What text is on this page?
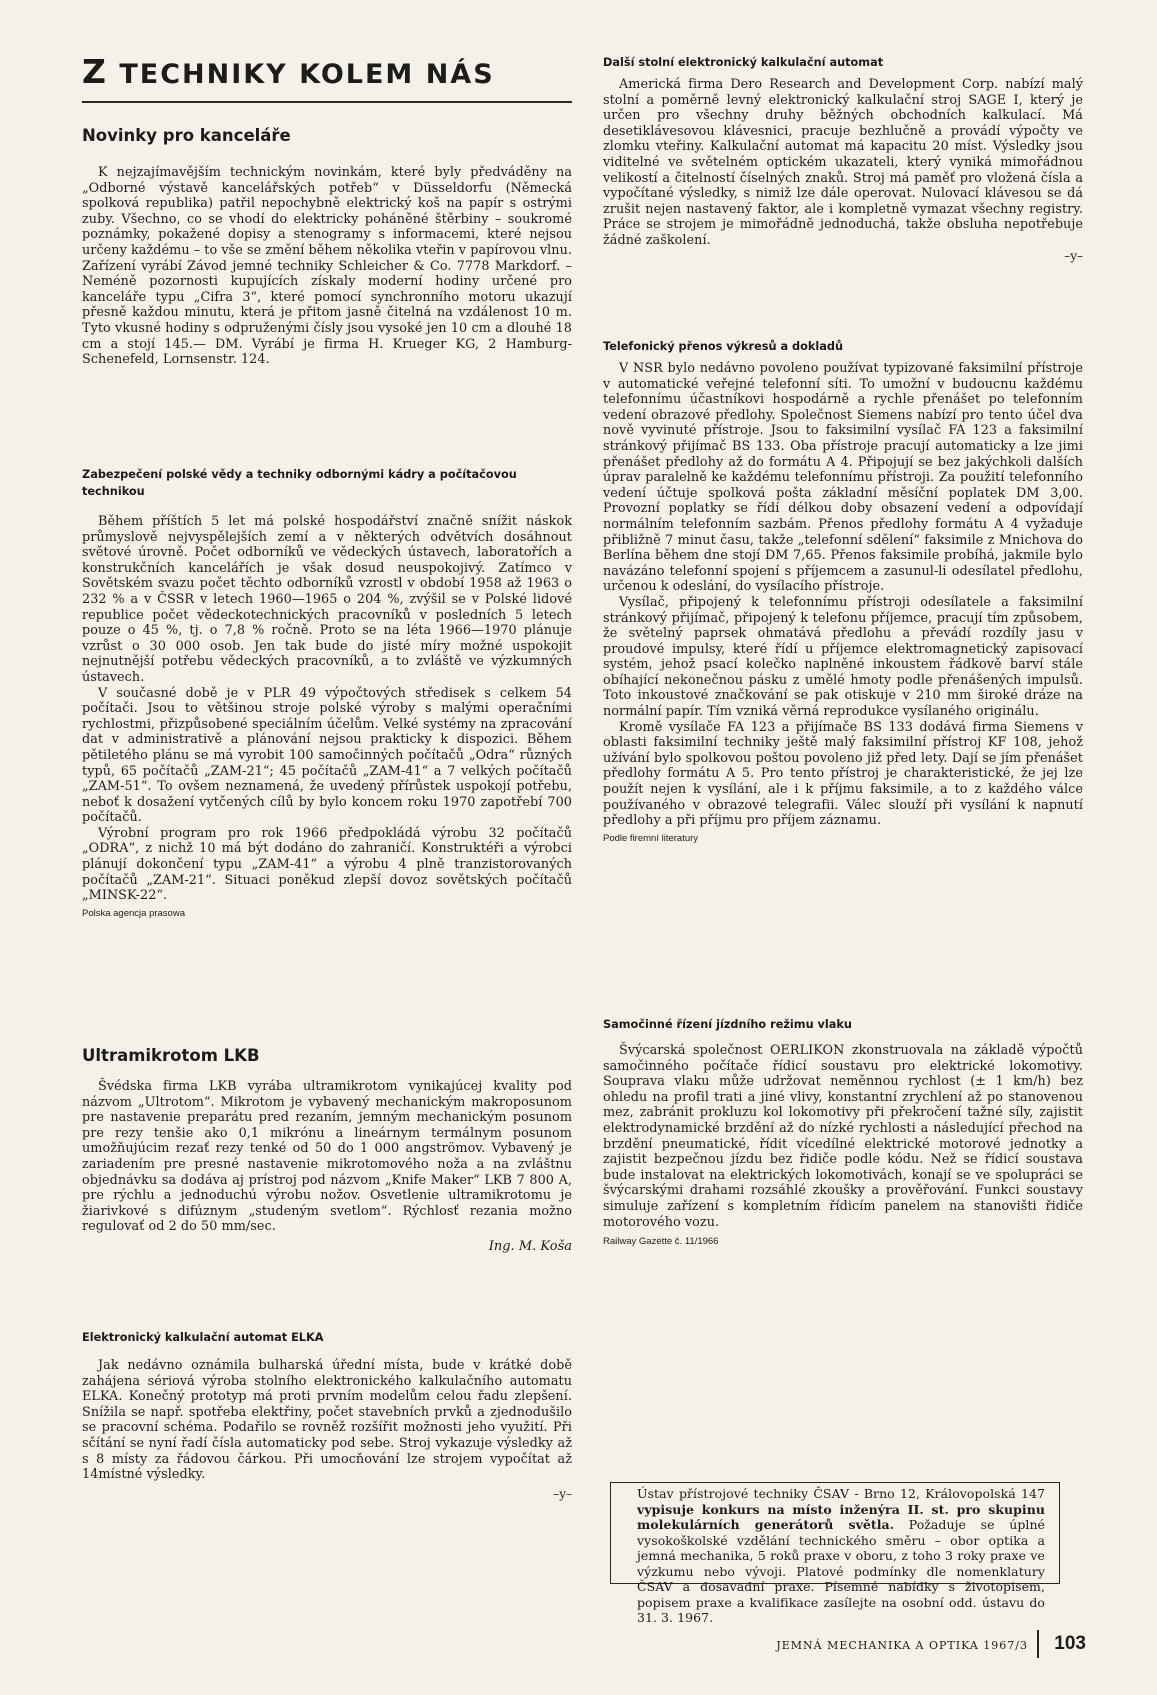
Z TECHNIKY KOLEM NÁS
Novinky pro kanceláře

K nejzajímavějším technickým novinkám, které byly předváděny na „Odborné výstavě kancelářských potřeb“ v Düsseldorfu (Německá spolková republika) patřil nepochybně elektrický koš na papír s ostrými zuby. Všechno, co se vhodí do elektricky poháněné štěrbiny – soukromé poznámky, pokažené dopisy a stenogramy s informacemi, které nejsou určeny každému – to vše se změní během několika vteřin v papírovou vlnu. Zařízení vyrábí Závod jemné techniky Schleicher & Co. 7778 Markdorf. – Neméně pozornosti kupujících získaly moderní hodiny určené pro kanceláře typu „Cifra 3“, které pomocí synchronního motoru ukazují přesně každou minutu, která je přitom jasně čitelná na vzdálenost 10 m. Tyto vkusné hodiny s odpruženými čísly jsou vysoké jen 10 cm a dlouhé 18 cm a stojí 145.— DM. Vyrábí je firma H. Krueger KG, 2 Hamburg-Schenefeld, Lornsenstr. 124.

Zabezpečení polské vědy a techniky odbornými kádry a počítačovou technikou

Během příštích 5 let má polské hospodářství značně snížit náskok průmyslově nejvyspělejších zemí a v některých odvětvích dosáhnout světové úrovně. Počet odborníků ve vědeckých ústavech, laboratořích a konstrukčních kancelářích je však dosud neuspokojivý. Zatímco v Sovětském svazu počet těchto odborníků vzrostl v období 1958 až 1963 o 232 % a v ČSSR v letech 1960—1965 o 204 %, zvýšil se v Polské lidové republice počet vědeckotechnických pracovníků v posledních 5 letech pouze o 45 %, tj. o 7,8 % ročně. Proto se na léta 1966—1970 plánuje vzrůst o 30 000 osob. Jen tak bude do jisté míry možné uspokojit nejnutnější potřebu vědeckých pracovníků, a to zvláště ve výzkumných ústavech.

V současné době je v PLR 49 výpočtových středisek s celkem 54 počítači. Jsou to většinou stroje polské výroby s malými operačními rychlostmi, přizpůsobené speciálním účelům. Velké systémy na zpracování dat v administrativě a plánování nejsou prakticky k dispozici. Během pětiletého plánu se má vyrobit 100 samočinných počítačů „Odra“ různých typů, 65 počítačů „ZAM-21“; 45 počítačů „ZAM-41“ a 7 velkých počítačů „ZAM-51“. To ovšem neznamená, že uvedený přírůstek uspokojí potřebu, neboť k dosažení vytčených cílů by bylo koncem roku 1970 zapotřebí 700 počítačů.

Výrobní program pro rok 1966 předpokládá výrobu 32 počítačů „ODRA“, z nichž 10 má být dodáno do zahraničí. Konstruktéři a výrobci plánují dokončení typu „ZAM-41“ a výrobu 4 plně tranzistorovaných počítačů „ZAM-21“. Situaci poněkud zlepší dovoz sovětských počítačů „MINSK-22“.

Polska agencja prasowa
Ultramikrotom LKB

Švédska firma LKB vyrába ultramikrotom vynikajúcej kvality pod názvom „Ultrotom“. Mikrotom je vybavený mechanickým makroposunom pre nastavenie preparátu pred rezaním, jemným mechanickým posunom pre rezy tenšie ako 0,1 mikrónu a lineárnym termálnym posunom umožňujúcim rezať rezy tenké od 50 do 1 000 angströmov. Vybavený je zariadením pre presné nastavenie mikrotomového noža a na zvláštnu objednávku sa dodáva aj prístroj pod názvom „Knife Maker“ LKB 7 800 A, pre rýchlu a jednoduchú výrobu nožov. Osvetlenie ultramikrotomu je žiarivkové s difúznym „studeným svetlom“. Rýchlosť rezania možno regulovať od 2 do 50 mm/sec.

Ing. M. Koša
Elektronický kalkulační automat ELKA

Jak nedávno oznámila bulharská úřední místa, bude v krátké době zahájena sériová výroba stolního elektronického kalkulačního automatu ELKA. Konečný prototyp má proti prvním modelům celou řadu zlepšení. Snížila se např. spotřeba elektřiny, počet stavebních prvků a zjednodušilo se pracovní schéma. Podařilo se rovněž rozšířit možnosti jeho využití. Při sčítání se nyní řadí čísla automaticky pod sebe. Stroj vykazuje výsledky až s 8 místy za řádovou čárkou. Při umocňování lze strojem vypočítat až 14místné výsledky.

–y–
Další stolní elektronický kalkulační automat

Americká firma Dero Research and Development Corp. nabízí malý stolní a poměrně levný elektronický kalkulační stroj SAGE I, který je určen pro všechny druhy běžných obchodních kalkulací. Má desetiklávesovou klávesnici, pracuje bezhlučně a provádí výpočty ve zlomku vteřiny. Kalkulační automat má kapacitu 20 míst. Výsledky jsou viditelné ve světelném optickém ukazateli, který vyniká mimořádnou velikostí a čitelností číselných znaků. Stroj má paměť pro vložená čísla a vypočítané výsledky, s nimiž lze dále operovat. Nulovací klávesou se dá zrušit nejen nastavený faktor, ale i kompletně vymazat všechny registry. Práce se strojem je mimořádně jednoduchá, takže obsluha nepotřebuje žádné zaškolení.

–y–
Telefonický přenos výkresů a dokladů

V NSR bylo nedávno povoleno používat typizované faksimilní přístroje v automatické veřejné telefonní síti. To umožní v budoucnu každému telefonnímu účastníkovi hospodárně a rychle přenášet po telefonním vedení obrazové předlohy. Společnost Siemens nabízí pro tento účel dva nově vyvinuté přístroje. Jsou to faksimilní vysílač FA 123 a faksimilní stránkový přijímač BS 133. Oba přístroje pracují automaticky a lze jimi přenášet předlohy až do formátu A 4. Připojují se bez jakýchkoli dalších úprav paralelně ke každému telefonnímu přístroji. Za použití telefonního vedení účtuje spolková pošta základní měsíční poplatek DM 3,00. Provozní poplatky se řídí délkou doby obsazení vedení a odpovídají normálním telefonním sazbám. Přenos předlohy formátu A 4 vyžaduje přibližně 7 minut času, takže „telefonní sdělení“ faksimile z Mnichova do Berlína během dne stojí DM 7,65. Přenos faksimile probíhá, jakmile bylo navázáno telefonní spojení s příjemcem a zasunul-li odesílatel předlohu, určenou k odeslání, do vysílacího přístroje.

Vysílač, připojený k telefonnímu přístroji odesílatele a faksimilní stránkový přijímač, připojený k telefonu příjemce, pracují tím způsobem, že světelný paprsek ohmatává předlohu a převádí rozdíly jasu v proudové impulsy, které řídí u příjemce elektromagnetický zapisovací systém, jehož psací kolečko naplněné inkoustem řádkově barví stále obíhající nekonečnou pásku z umělé hmoty podle přenášených impulsů. Toto inkoustové značkování se pak otiskuje v 210 mm široké dráze na normální papír. Tím vzniká věrná reprodukce vysílaného originálu.

Kromě vysílače FA 123 a přijímače BS 133 dodává firma Siemens v oblasti faksimilní techniky ještě malý faksimilní přístroj KF 108, jehož užívání bylo spolkovou poštou povoleno již před lety. Dají se jím přenášet předlohy formátu A 5. Pro tento přístroj je charakteristické, že jej lze použít nejen k vysílání, ale i k příjmu faksimile, a to z každého válce používaného v obrazové telegrafii. Válec slouží při vysílání k napnutí předlohy a při příjmu pro příjem záznamu.

Podle firemní literatury
Samočinné řízení jízdního režimu vlaku

Švýcarská společnost OERLIKON zkonstruovala na základě výpočtů samočinného počítače řídicí soustavu pro elektrické lokomotivy. Souprava vlaku může udržovat neměnnou rychlost (± 1 km/h) bez ohledu na profil trati a jiné vlivy, konstantní zrychlení až po stanovenou mez, zabránit prokluzu kol lokomotivy při překročení tažné síly, zajistit elektrodynamické brzdění až do nízké rychlosti a následující přechod na brzdění pneumatické, řídit vícedílné elektrické motorové jednotky a zajistit bezpečnou jízdu bez řidiče podle kódu. Než se řídicí soustava bude instalovat na elektrických lokomotivách, konají se ve spolupráci se švýcarskými drahami rozsáhlé zkoušky a prověřování. Funkci soustavy simuluje zařízení s kompletním řídicím panelem na stanovišti řidiče motorového vozu.

Railway Gazette č. 11/1966

Ústav přístrojové techniky ČSAV - Brno 12, Královopolská 147 vypisuje konkurs na místo inženýra II. st. pro skupinu molekulárních generátorů světla. Požaduje se úplné vysokoškolské vzdělání technického směru – obor optika a jemná mechanika, 5 roků praxe v oboru, z toho 3 roky praxe ve výzkumu nebo vývoji. Platové podmínky dle nomenklatury ČSAV a dosavadní praxe. Písemné nabídky s životopisem, popisem praxe a kvalifikace zasílejte na osobní odd. ústavu do 31. 3. 1967.

JEMNÁ MECHANIKA A OPTIKA 1967/3 103
